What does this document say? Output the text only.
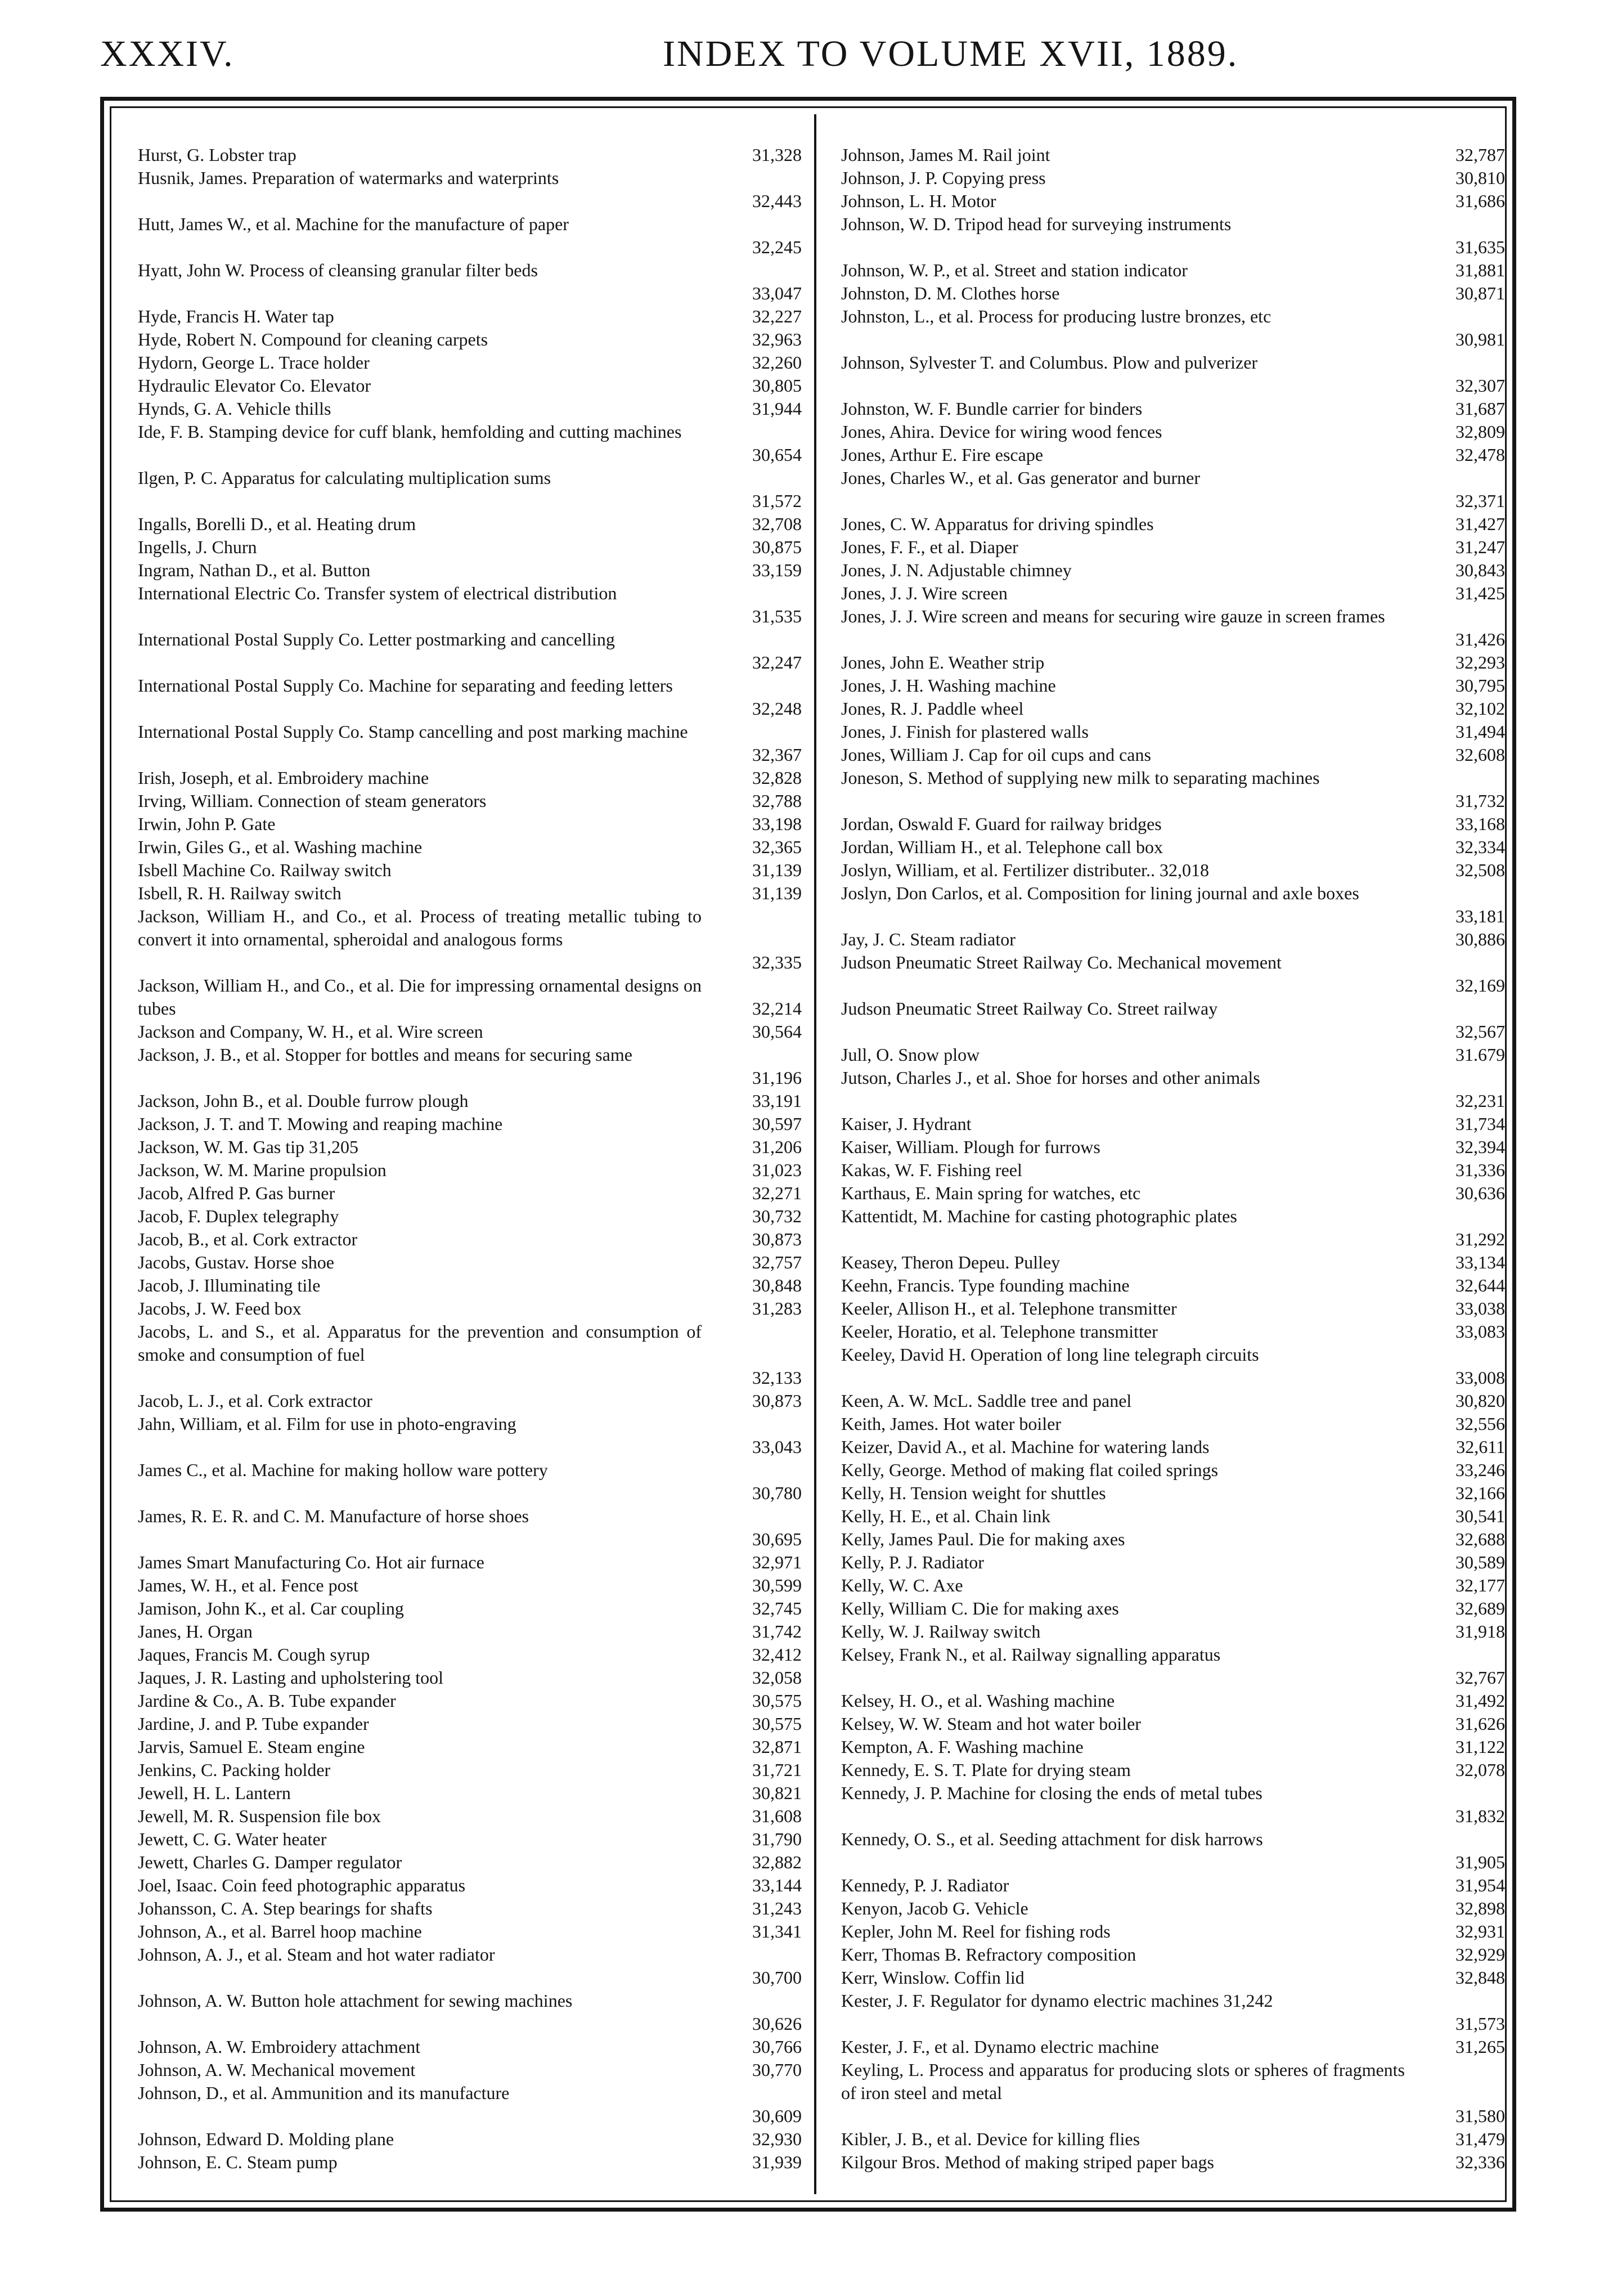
XXXIV.	INDEX TO VOLUME XVII, 1889.
Hurst, G. Lobster trap	31,328
Husnik, James. Preparation of watermarks and waterprints
32,443
Hutt, James W., et al. Machine for the manufacture of paper
32,245
Hyatt, John W. Process of cleansing granular filter beds
33,047
Hyde, Francis H. Water tap	32,227
Hyde, Robert N. Compound for cleaning carpets	32,963
Hydorn, George L. Trace holder	32,260
Hydraulic Elevator Co. Elevator	30,805
Hynds, G. A. Vehicle thills	31,944
Ide, F. B. Stamping device for cuff blank, hemfolding and cutting machines
30,654
Ilgen, P. C. Apparatus for calculating multiplication sums
31,572
Ingalls, Borelli D., et al. Heating drum	32,708
Ingells, J. Churn	30,875
Ingram, Nathan D., et al. Button	33,159
International Electric Co. Transfer system of electrical distribution
31,535
International Postal Supply Co. Letter postmarking and cancelling
32,247
International Postal Supply Co. Machine for separating and feeding letters
32,248
International Postal Supply Co. Stamp cancelling and post marking machine
32,367
Irish, Joseph, et al. Embroidery machine	32,828
Irving, William. Connection of steam generators	32,788
Irwin, John P. Gate	33,198
Irwin, Giles G., et al. Washing machine	32,365
Isbell Machine Co. Railway switch	31,139
Isbell, R. H. Railway switch	31,139
Jackson, William H., and Co., et al. Process of treating metallic tubing to convert it into ornamental, spheroidal and analogous forms
32,335
Jackson, William H., and Co., et al. Die for impressing ornamental designs on tubes	32,214
Jackson and Company, W. H., et al. Wire screen	30,564
Jackson, J. B., et al. Stopper for bottles and means for securing same
31,196
Jackson, John B., et al. Double furrow plough	33,191
Jackson, J. T. and T. Mowing and reaping machine	30,597
Jackson, W. M. Gas tip 31,205	31,206
Jackson, W. M. Marine propulsion	31,023
Jacob, Alfred P. Gas burner	32,271
Jacob, F. Duplex telegraphy	30,732
Jacob, B., et al. Cork extractor	30,873
Jacobs, Gustav. Horse shoe	32,757
Jacob, J. Illuminating tile	30,848
Jacobs, J. W. Feed box	31,283
Jacobs, L. and S., et al. Apparatus for the prevention and consumption of smoke and consumption of fuel
32,133
Jacob, L. J., et al. Cork extractor	30,873
Jahn, William, et al. Film for use in photo-engraving
33,043
James C., et al. Machine for making hollow ware pottery
30,780
James, R. E. R. and C. M. Manufacture of horse shoes
30,695
James Smart Manufacturing Co. Hot air furnace	32,971
James, W. H., et al. Fence post	30,599
Jamison, John K., et al. Car coupling	32,745
Janes, H. Organ	31,742
Jaques, Francis M. Cough syrup	32,412
Jaques, J. R. Lasting and upholstering tool	32,058
Jardine & Co., A. B. Tube expander	30,575
Jardine, J. and P. Tube expander	30,575
Jarvis, Samuel E. Steam engine	32,871
Jenkins, C. Packing holder	31,721
Jewell, H. L. Lantern	30,821
Jewell, M. R. Suspension file box	31,608
Jewett, C. G. Water heater	31,790
Jewett, Charles G. Damper regulator	32,882
Joel, Isaac. Coin feed photographic apparatus	33,144
Johansson, C. A. Step bearings for shafts	31,243
Johnson, A., et al. Barrel hoop machine	31,341
Johnson, A. J., et al. Steam and hot water radiator
30,700
Johnson, A. W. Button hole attachment for sewing machines
30,626
Johnson, A. W. Embroidery attachment	30,766
Johnson, A. W. Mechanical movement	30,770
Johnson, D., et al. Ammunition and its manufacture
30,609
Johnson, Edward D. Molding plane	32,930
Johnson, E. C. Steam pump	31,939
Johnson, James M. Rail joint	32,787
Johnson, J. P. Copying press	30,810
Johnson, L. H. Motor	31,686
Johnson, W. D. Tripod head for surveying instruments
31,635
Johnson, W. P., et al. Street and station indicator	31,881
Johnston, D. M. Clothes horse	30,871
Johnston, L., et al. Process for producing lustre bronzes, etc
30,981
Johnson, Sylvester T. and Columbus. Plow and pulverizer
32,307
Johnston, W. F. Bundle carrier for binders	31,687
Jones, Ahira. Device for wiring wood fences	32,809
Jones, Arthur E. Fire escape	32,478
Jones, Charles W., et al. Gas generator and burner
32,371
Jones, C. W. Apparatus for driving spindles	31,427
Jones, F. F., et al. Diaper	31,247
Jones, J. N. Adjustable chimney	30,843
Jones, J. J. Wire screen	31,425
Jones, J. J. Wire screen and means for securing wire gauze in screen frames
31,426
Jones, John E. Weather strip	32,293
Jones, J. H. Washing machine	30,795
Jones, R. J. Paddle wheel	32,102
Jones, J. Finish for plastered walls	31,494
Jones, William J. Cap for oil cups and cans	32,608
Joneson, S. Method of supplying new milk to separating machines
31,732
Jordan, Oswald F. Guard for railway bridges	33,168
Jordan, William H., et al. Telephone call box	32,334
Joslyn, William, et al. Fertilizer distributer.. 32,018	32,508
Joslyn, Don Carlos, et al. Composition for lining journal and axle boxes
33,181
Jay, J. C. Steam radiator	30,886
Judson Pneumatic Street Railway Co. Mechanical movement
32,169
Judson Pneumatic Street Railway Co. Street railway
32,567
Jull, O. Snow plow	31.679
Jutson, Charles J., et al. Shoe for horses and other animals
32,231
Kaiser, J. Hydrant	31,734
Kaiser, William. Plough for furrows	32,394
Kakas, W. F. Fishing reel	31,336
Karthaus, E. Main spring for watches, etc	30,636
Kattentidt, M. Machine for casting photographic plates
31,292
Keasey, Theron Depeu. Pulley	33,134
Keehn, Francis. Type founding machine	32,644
Keeler, Allison H., et al. Telephone transmitter	33,038
Keeler, Horatio, et al. Telephone transmitter	33,083
Keeley, David H. Operation of long line telegraph circuits
33,008
Keen, A. W. McL. Saddle tree and panel	30,820
Keith, James. Hot water boiler	32,556
Keizer, David A., et al. Machine for watering lands	32,611
Kelly, George. Method of making flat coiled springs	33,246
Kelly, H. Tension weight for shuttles	32,166
Kelly, H. E., et al. Chain link	30,541
Kelly, James Paul. Die for making axes	32,688
Kelly, P. J. Radiator	30,589
Kelly, W. C. Axe	32,177
Kelly, William C. Die for making axes	32,689
Kelly, W. J. Railway switch	31,918
Kelsey, Frank N., et al. Railway signalling apparatus
32,767
Kelsey, H. O., et al. Washing machine	31,492
Kelsey, W. W. Steam and hot water boiler	31,626
Kempton, A. F. Washing machine	31,122
Kennedy, E. S. T. Plate for drying steam	32,078
Kennedy, J. P. Machine for closing the ends of metal tubes
31,832
Kennedy, O. S., et al. Seeding attachment for disk harrows
31,905
Kennedy, P. J. Radiator	31,954
Kenyon, Jacob G. Vehicle	32,898
Kepler, John M. Reel for fishing rods	32,931
Kerr, Thomas B. Refractory composition	32,929
Kerr, Winslow. Coffin lid	32,848
Kester, J. F. Regulator for dynamo electric machines 31,242
31,573
Kester, J. F., et al. Dynamo electric machine	31,265
Keyling, L. Process and apparatus for producing slots or spheres of fragments of iron steel and metal
31,580
Kibler, J. B., et al. Device for killing flies	31,479
Kilgour Bros. Method of making striped paper bags	32,336
